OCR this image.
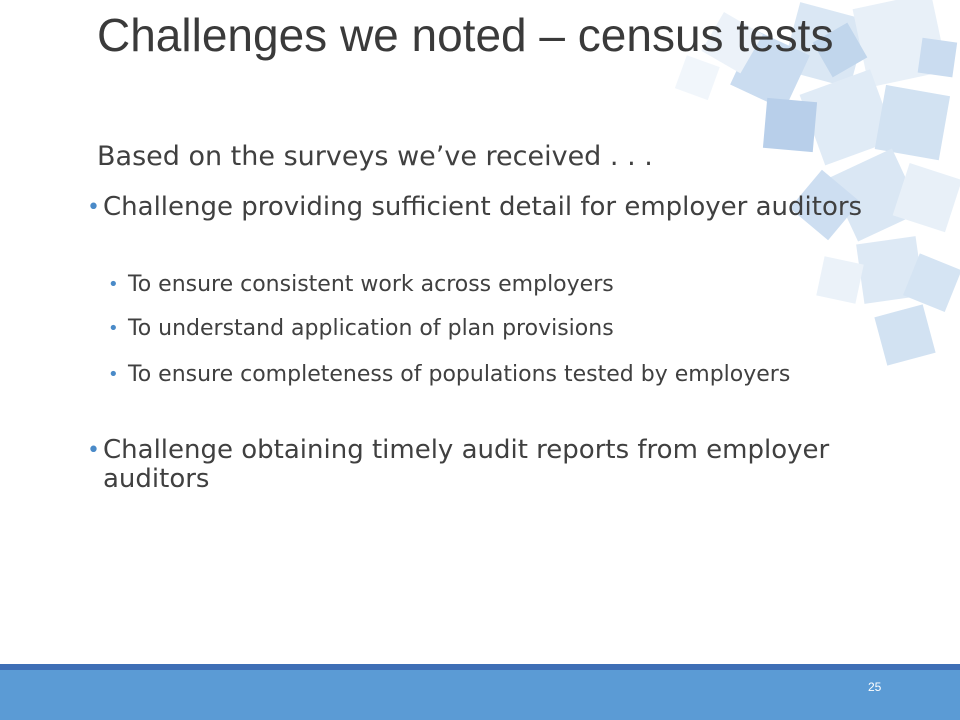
Challenges we noted – census tests

Based on the surveys we’ve received . . .

• Challenge providing sufficient detail for employer auditors
• To ensure consistent work across employers
• To understand application of plan provisions
• To ensure completeness of populations tested by employers
• Challenge obtaining timely audit reports from employer auditors
25
